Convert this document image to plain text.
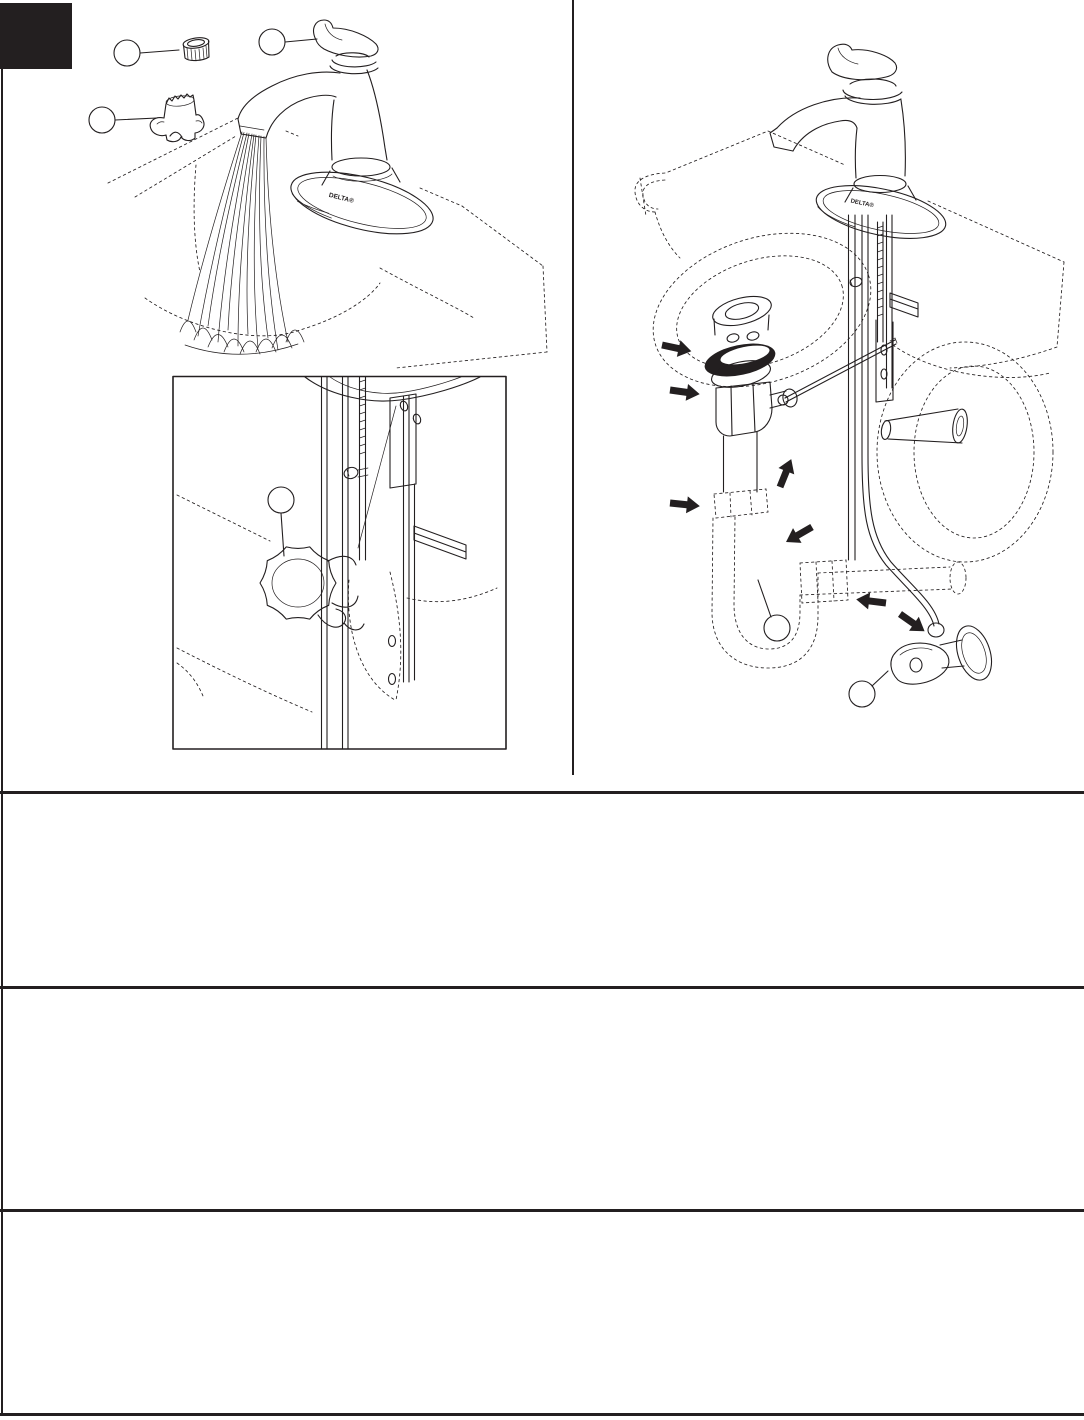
DELTA®	DELTA®
